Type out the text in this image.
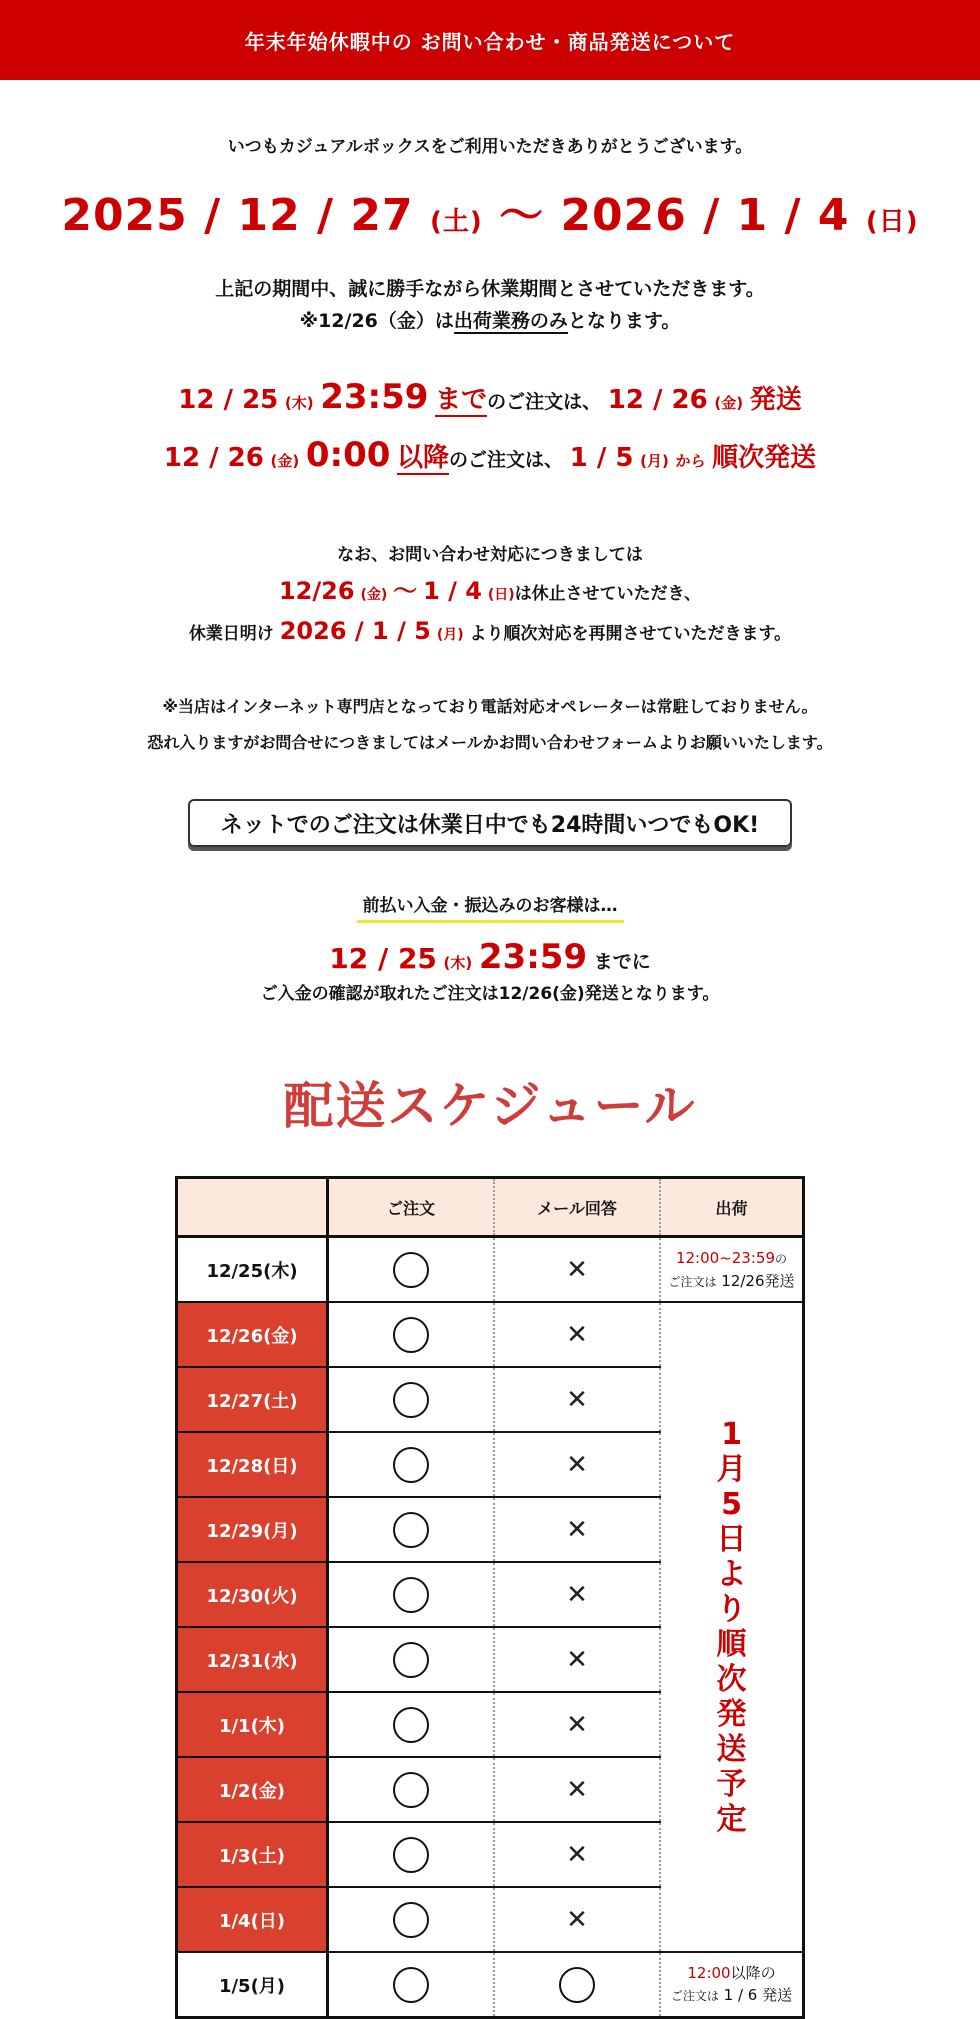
年末年始休暇中の お問い合わせ・商品発送について
いつもカジュアルボックスをご利用いただきありがとうございます。
2025 / 12 / 27 (土) 〜 2026 / 1 / 4 (日)
上記の期間中、誠に勝手ながら休業期間とさせていただきます。
※12/26（金）は出荷業務のみとなります。
12 / 25 (木) 23:59 までのご注文は、 12 / 26 (金) 発送
12 / 26 (金) 0:00 以降のご注文は、 1 / 5 (月) から 順次発送
なお、お問い合わせ対応につきましては
12/26 (金) 〜 1 / 4 (日)は休止させていただき、
休業日明け 2026 / 1 / 5 (月) より順次対応を再開させていただきます。
※当店はインターネット専門店となっており電話対応オペレーターは常駐しておりません。
恐れ入りますがお問合せにつきましてはメールかお問い合わせフォームよりお願いいたします。
ネットでのご注文は休業日中でも24時間いつでもOK!
前払い入金・振込みのお客様は…
12 / 25 (木) 23:59 までに
ご入金の確認が取れたご注文は12/26(金)発送となります。
配送スケジュール
	ご注文	メール回答	出荷
12/25(木)		✕	12:00~23:59の
ご注文は 12/26発送

12/26(金)		✕	1月5日より順次発送予定

12/27(土)		✕	
12/28(日)		✕	
12/29(月)		✕	
12/30(火)		✕	
12/31(水)		✕	
1/1(木)		✕	
1/2(金)		✕	
1/3(土)		✕	
1/4(日)		✕	
1/5(月)			12:00以降の
ご注文は 1 / 6 発送
